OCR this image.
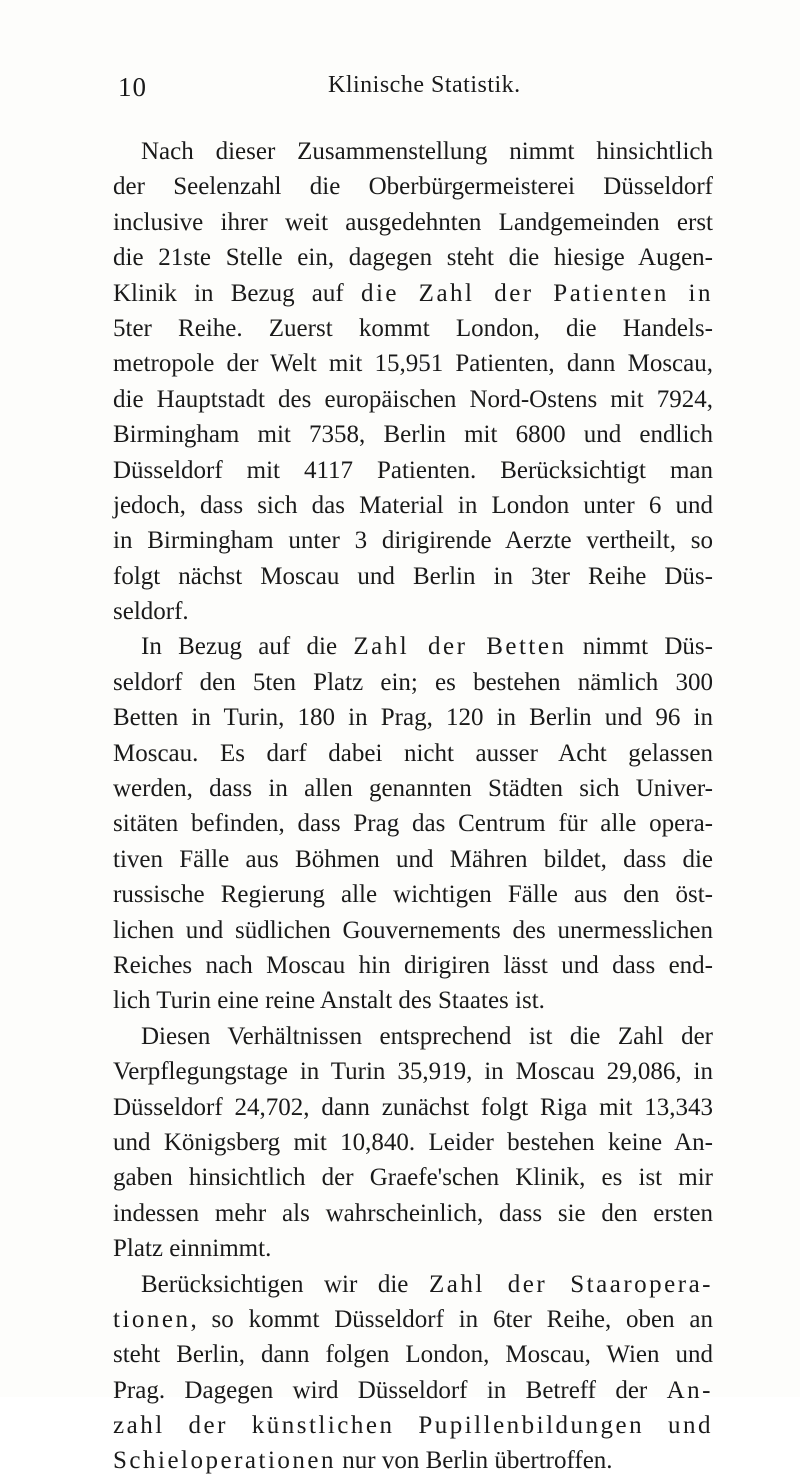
10	Klinische Statistik.
Nach dieser Zusammenstellung nimmt hinsichtlich
der Seelenzahl die Oberbürgermeisterei Düsseldorf
inclusive ihrer weit ausgedehnten Landgemeinden erst
die 21ste Stelle ein, dagegen steht die hiesige Augen-
Klinik in Bezug auf die Zahl der Patienten in
5ter Reihe. Zuerst kommt London, die Handels-
metropole der Welt mit 15,951 Patienten, dann Moscau,
die Hauptstadt des europäischen Nord-Ostens mit 7924,
Birmingham mit 7358, Berlin mit 6800 und endlich
Düsseldorf mit 4117 Patienten. Berücksichtigt man
jedoch, dass sich das Material in London unter 6 und
in Birmingham unter 3 dirigirende Aerzte vertheilt, so
folgt nächst Moscau und Berlin in 3ter Reihe Düs-
seldorf.
In Bezug auf die Zahl der Betten nimmt Düs-
seldorf den 5ten Platz ein; es bestehen nämlich 300
Betten in Turin, 180 in Prag, 120 in Berlin und 96 in
Moscau. Es darf dabei nicht ausser Acht gelassen
werden, dass in allen genannten Städten sich Univer-
sitäten befinden, dass Prag das Centrum für alle opera-
tiven Fälle aus Böhmen und Mähren bildet, dass die
russische Regierung alle wichtigen Fälle aus den öst-
lichen und südlichen Gouvernements des unermesslichen
Reiches nach Moscau hin dirigiren lässt und dass end-
lich Turin eine reine Anstalt des Staates ist.
Diesen Verhältnissen entsprechend ist die Zahl der
Verpflegungstage in Turin 35,919, in Moscau 29,086, in
Düsseldorf 24,702, dann zunächst folgt Riga mit 13,343
und Königsberg mit 10,840. Leider bestehen keine An-
gaben hinsichtlich der Graefe'schen Klinik, es ist mir
indessen mehr als wahrscheinlich, dass sie den ersten
Platz einnimmt.
Berücksichtigen wir die Zahl der Staaropera-
tionen, so kommt Düsseldorf in 6ter Reihe, oben an
steht Berlin, dann folgen London, Moscau, Wien und
Prag. Dagegen wird Düsseldorf in Betreff der An-
zahl der künstlichen Pupillenbildungen und
Schieloperationen nur von Berlin übertroffen.
